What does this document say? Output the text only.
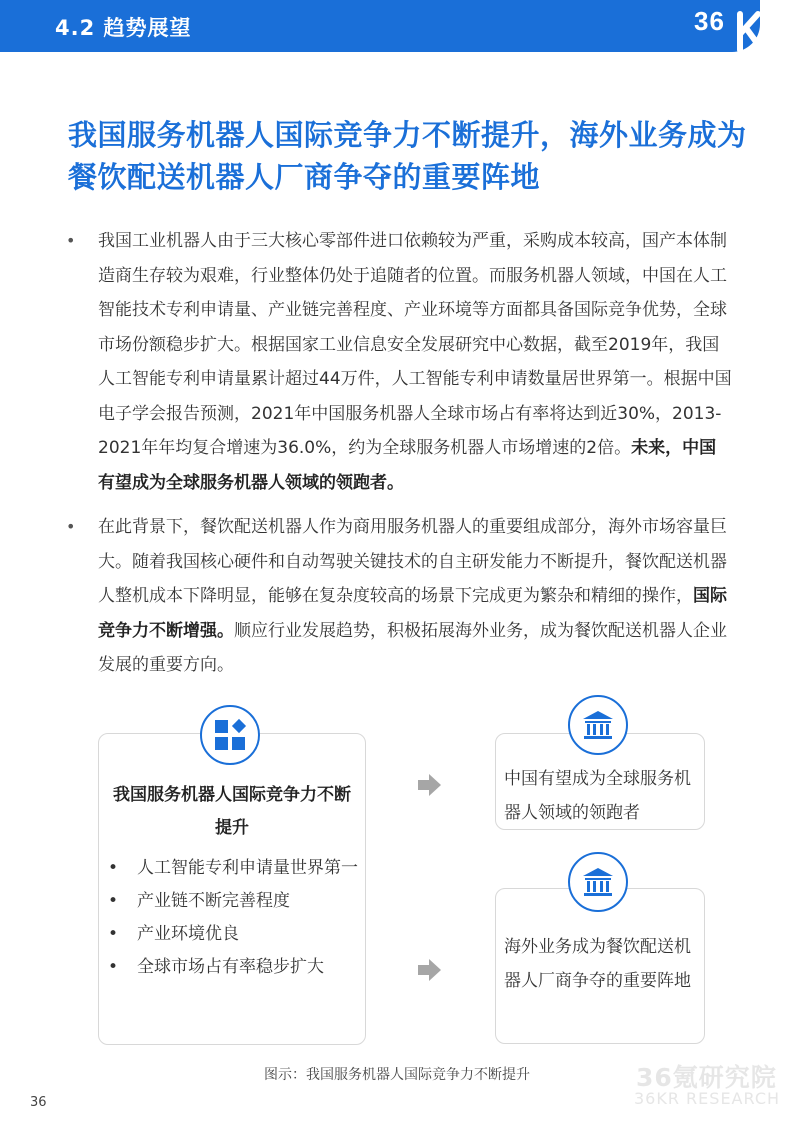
4.2 趋势展望	36
我国服务机器人国际竞争力不断提升，海外业务成为餐饮配送机器人厂商争夺的重要阵地
• 我国工业机器人由于三大核心零部件进口依赖较为严重，采购成本较高，国产本体制造商生存较为艰难，行业整体仍处于追随者的位置。而服务机器人领域，中国在人工智能技术专利申请量、产业链完善程度、产业环境等方面都具备国际竞争优势，全球市场份额稳步扩大。根据国家工业信息安全发展研究中心数据，截至2019年，我国人工智能专利申请量累计超过44万件，人工智能专利申请数量居世界第一。根据中国电子学会报告预测，2021年中国服务机器人全球市场占有率将达到近30%，2013-2021年年均复合增速为36.0%，约为全球服务机器人市场增速的2倍。未来，中国有望成为全球服务机器人领域的领跑者。
• 在此背景下，餐饮配送机器人作为商用服务机器人的重要组成部分，海外市场容量巨大。随着我国核心硬件和自动驾驶关键技术的自主研发能力不断提升，餐饮配送机器人整机成本下降明显，能够在复杂度较高的场景下完成更为繁杂和精细的操作，国际竞争力不断增强。顺应行业发展趋势，积极拓展海外业务，成为餐饮配送机器人企业发展的重要方向。
我国服务机器人国际竞争力不断提升
• 人工智能专利申请量世界第一
• 产业链不断完善程度
• 产业环境优良
• 全球市场占有率稳步扩大
中国有望成为全球服务机器人领域的领跑者
海外业务成为餐饮配送机器人厂商争夺的重要阵地
图示：我国服务机器人国际竞争力不断提升
36
36氪研究院
36KR RESEARCH
